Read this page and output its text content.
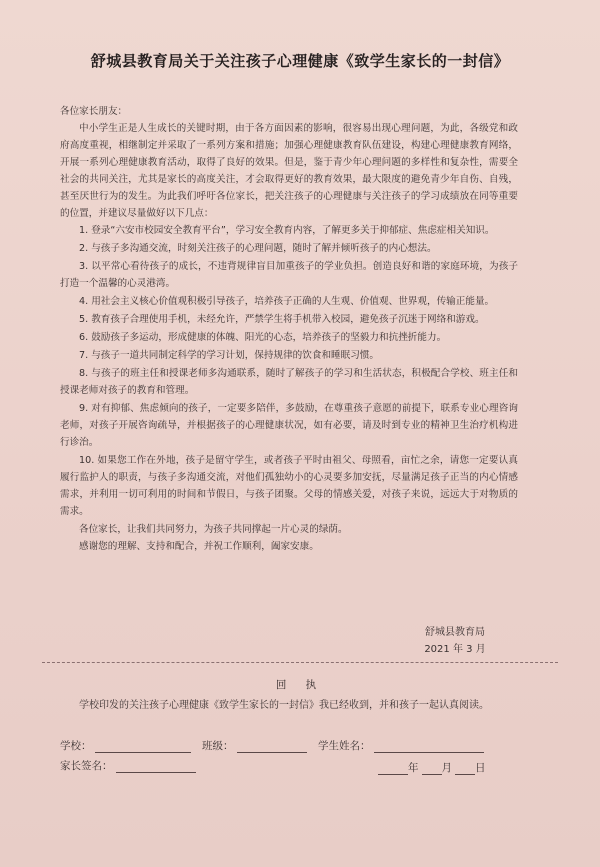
舒城县教育局关于关注孩子心理健康《致学生家长的一封信》

各位家长朋友：

中小学生正是人生成长的关键时期，由于各方面因素的影响，很容易出现心理问题，为此，各级党和政府高度重视，相继制定并采取了一系列方案和措施；加强心理健康教育队伍建设，构建心理健康教育网络，开展一系列心理健康教育活动，取得了良好的效果。但是，鉴于青少年心理问题的多样性和复杂性，需要全社会的共同关注，尤其是家长的高度关注，才会取得更好的教育效果，最大限度的避免青少年自伤、自残，甚至厌世行为的发生。为此我们呼吁各位家长，把关注孩子的心理健康与关注孩子的学习成绩放在同等重要的位置，并建议尽量做好以下几点：

1. 登录“六安市校园安全教育平台”，学习安全教育内容，了解更多关于抑郁症、焦虑症相关知识。

2. 与孩子多沟通交流，时刻关注孩子的心理问题，随时了解并倾听孩子的内心想法。

3. 以平常心看待孩子的成长，不违背规律盲目加重孩子的学业负担。创造良好和谐的家庭环境，为孩子打造一个温馨的心灵港湾。

4. 用社会主义核心价值观积极引导孩子，培养孩子正确的人生观、价值观、世界观，传输正能量。

5. 教育孩子合理使用手机，未经允许，严禁学生将手机带入校园，避免孩子沉迷于网络和游戏。

6. 鼓励孩子多运动，形成健康的体魄、阳光的心态，培养孩子的坚毅力和抗挫折能力。

7. 与孩子一道共同制定科学的学习计划，保持规律的饮食和睡眠习惯。

8. 与孩子的班主任和授课老师多沟通联系，随时了解孩子的学习和生活状态，积极配合学校、班主任和授课老师对孩子的教育和管理。

9. 对有抑郁、焦虑倾向的孩子，一定要多陪伴，多鼓励，在尊重孩子意愿的前提下，联系专业心理咨询老师，对孩子开展咨询疏导，并根据孩子的心理健康状况，如有必要，请及时到专业的精神卫生治疗机构进行诊治。

10. 如果您工作在外地，孩子是留守学生，或者孩子平时由祖父、母照看，亩忙之余，请您一定要认真履行监护人的职责，与孩子多沟通交流，对他们孤独幼小的心灵要多加安抚，尽量满足孩子正当的内心情感需求，并利用一切可利用的时间和节假日，与孩子团聚。父母的情感关爱，对孩子来说，远远大于对物质的需求。

各位家长，让我们共同努力，为孩子共同撑起一片心灵的绿荫。

感谢您的理解、支持和配合，并祝工作顺利，阖家安康。

舒城县教育局
2021 年 3 月
回 执
学校印发的关注孩子心理健康《致学生家长的一封信》我已经收到，并和孩子一起认真阅读。
学校：	班级：	学生姓名：
家长签名：	年 月 日
